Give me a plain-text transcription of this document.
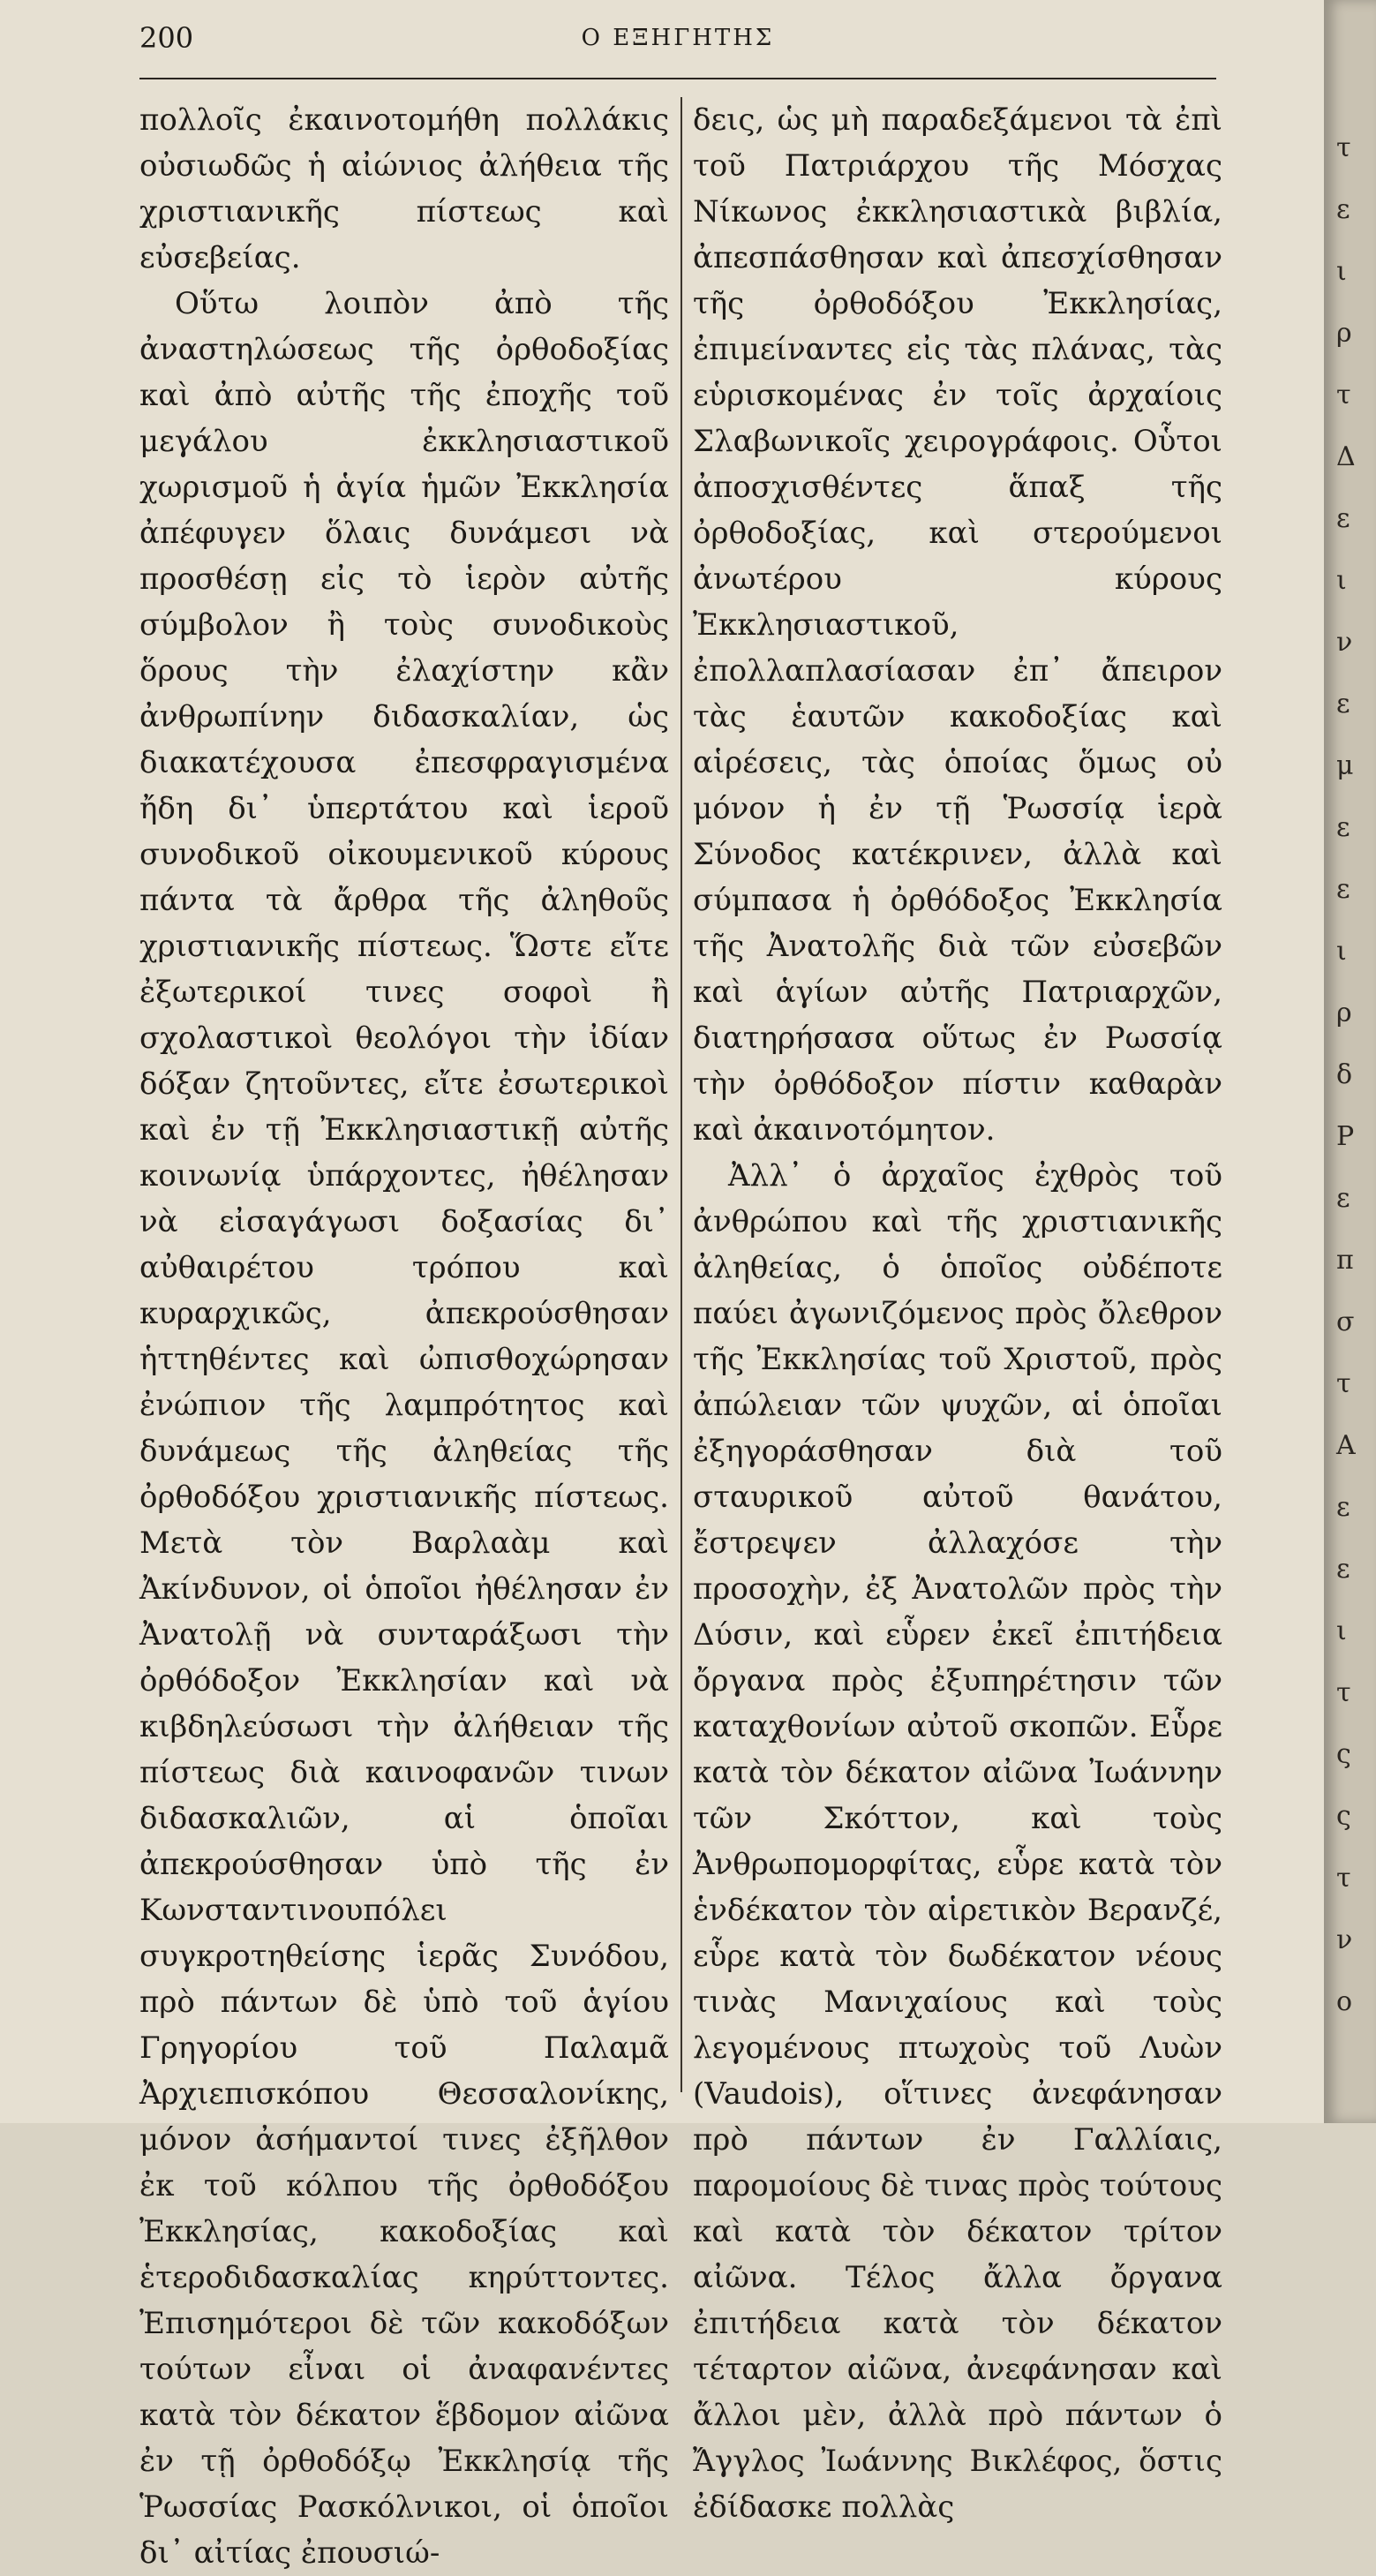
200	Ο ΕΞΗΓΗΤΗΣ

πολλοῖς ἐκαινοτομήθη πολλάκις οὐσιωδῶς ἡ αἰώνιος ἀλήθεια τῆς χριστιανικῆς πίστεως καὶ εὐσεβείας.

Οὕτω λοιπὸν ἀπὸ τῆς ἀναστηλώσεως τῆς ὀρθοδοξίας καὶ ἀπὸ αὐτῆς τῆς ἐποχῆς τοῦ μεγάλου ἐκκλησιαστικοῦ χωρισμοῦ ἡ ἁγία ἡμῶν Ἐκκλησία ἀπέφυγεν ὅλαις δυνάμεσι νὰ προσθέσῃ εἰς τὸ ἱερὸν αὐτῆς σύμβολον ἢ τοὺς συνοδικοὺς ὅρους τὴν ἐλαχίστην κἂν ἀνθρωπίνην διδασκαλίαν, ὡς διακατέχουσα ἐπεσφραγισμένα ἤδη δι᾽ ὑπερτάτου καὶ ἱεροῦ συνοδικοῦ οἰκουμενικοῦ κύρους πάντα τὰ ἄρθρα τῆς ἀληθοῦς χριστιανικῆς πίστεως. Ὥστε εἴτε ἐξωτερικοί τινες σοφοὶ ἢ σχολαστικοὶ θεολόγοι τὴν ἰδίαν δόξαν ζητοῦντες, εἴτε ἐσωτερικοὶ καὶ ἐν τῇ Ἐκκλησιαστικῇ αὐτῆς κοινωνίᾳ ὑπάρχοντες, ἠθέλησαν νὰ εἰσαγάγωσι δοξασίας δι᾽ αὐθαιρέτου τρόπου καὶ κυραρχικῶς, ἀπεκρούσθησαν ἡττηθέντες καὶ ὠπισθοχώρησαν ἐνώπιον τῆς λαμπρότητος καὶ δυνάμεως τῆς ἀληθείας τῆς ὀρθοδόξου χριστιανικῆς πίστεως. Μετὰ τὸν Βαρλαὰμ καὶ Ἀκίνδυνον, οἱ ὁποῖοι ἠθέλησαν ἐν Ἀνατολῇ νὰ συνταράξωσι τὴν ὀρθόδοξον Ἐκκλησίαν καὶ νὰ κιβδηλεύσωσι τὴν ἀλήθειαν τῆς πίστεως διὰ καινοφανῶν τινων διδασκαλιῶν, αἱ ὁποῖαι ἀπεκρούσθησαν ὑπὸ τῆς ἐν Κωνσταντινουπόλει συγκροτηθείσης ἱερᾶς Συνόδου, πρὸ πάντων δὲ ὑπὸ τοῦ ἁγίου Γρηγορίου τοῦ Παλαμᾶ Ἀρχιεπισκόπου Θεσσαλονίκης, μόνον ἀσήμαντοί τινες ἐξῆλθον ἐκ τοῦ κόλπου τῆς ὀρθοδόξου Ἐκκλησίας, κακοδοξίας καὶ ἑτεροδιδασκαλίας κηρύττοντες. Ἐπισημότεροι δὲ τῶν κακοδόξων τούτων εἶναι οἱ ἀναφανέντες κατὰ τὸν δέκατον ἕβδομον αἰῶνα ἐν τῇ ὀρθοδόξῳ Ἐκκλησίᾳ τῆς Ῥωσσίας Ρασκόλνικοι, οἱ ὁποῖοι δι᾽ αἰτίας ἐπουσιώ-

δεις, ὡς μὴ παραδεξάμενοι τὰ ἐπὶ τοῦ Πατριάρχου τῆς Μόσχας Νίκωνος ἐκκλησιαστικὰ βιβλία, ἀπεσπάσθησαν καὶ ἀπεσχίσθησαν τῆς ὀρθοδόξου Ἐκκλησίας, ἐπιμείναντες εἰς τὰς πλάνας, τὰς εὑρισκομένας ἐν τοῖς ἀρχαίοις Σλαβωνικοῖς χειρογράφοις. Οὗτοι ἀποσχισθέντες ἅπαξ τῆς ὀρθοδοξίας, καὶ στερούμενοι ἀνωτέρου κύρους Ἐκκλησιαστικοῦ, ἐπολλαπλασίασαν ἐπ᾽ ἄπειρον τὰς ἑαυτῶν κακοδοξίας καὶ αἱρέσεις, τὰς ὁποίας ὅμως οὐ μόνον ἡ ἐν τῇ Ῥωσσίᾳ ἱερὰ Σύνοδος κατέκρινεν, ἀλλὰ καὶ σύμπασα ἡ ὀρθόδοξος Ἐκκλησία τῆς Ἀνατολῆς διὰ τῶν εὐσεβῶν καὶ ἁγίων αὐτῆς Πατριαρχῶν, διατηρήσασα οὕτως ἐν Ρωσσίᾳ τὴν ὀρθόδοξον πίστιν καθαρὰν καὶ ἀκαινοτόμητον.

Ἀλλ᾽ ὁ ἀρχαῖος ἐχθρὸς τοῦ ἀνθρώπου καὶ τῆς χριστιανικῆς ἀληθείας, ὁ ὁποῖος οὐδέποτε παύει ἀγωνιζόμενος πρὸς ὄλεθρον τῆς Ἐκκλησίας τοῦ Χριστοῦ, πρὸς ἀπώλειαν τῶν ψυχῶν, αἱ ὁποῖαι ἐξηγοράσθησαν διὰ τοῦ σταυρικοῦ αὐτοῦ θανάτου, ἔστρεψεν ἀλλαχόσε τὴν προσοχὴν, ἐξ Ἀνατολῶν πρὸς τὴν Δύσιν, καὶ εὗρεν ἐκεῖ ἐπιτήδεια ὄργανα πρὸς ἐξυπηρέτησιν τῶν καταχθονίων αὐτοῦ σκοπῶν. Εὗρε κατὰ τὸν δέκατον αἰῶνα Ἰωάννην τῶν Σκόττον, καὶ τοὺς Ἀνθρωπομορφίτας, εὗρε κατὰ τὸν ἑνδέκατον τὸν αἱρετικὸν Βερανζέ, εὗρε κατὰ τὸν δωδέκατον νέους τινὰς Μανιχαίους καὶ τοὺς λεγομένους πτωχοὺς τοῦ Λυὼν (Vaudois), οἵτινες ἀνεφάνησαν πρὸ πάντων ἐν Γαλλίαις, παρομοίους δὲ τινας πρὸς τούτους καὶ κατὰ τὸν δέκατον τρίτον αἰῶνα. Τέλος ἄλλα ὄργανα ἐπιτήδεια κατὰ τὸν δέκατον τέταρτον αἰῶνα, ἀνεφάνησαν καὶ ἄλλοι μὲν, ἀλλὰ πρὸ πάντων ὁ Ἄγγλος Ἰωάννης Βικλέφος, ὅστις ἐδίδασκε πολλὰς

τ
ε
ι
ρ
τ
Δ
ε
ι
ν
ε
μ
ε
ε
ι
ρ
δ
P
ε
π
σ
τ
A
ε
ε
ι
τ
ς
ς
τ
ν
ο
